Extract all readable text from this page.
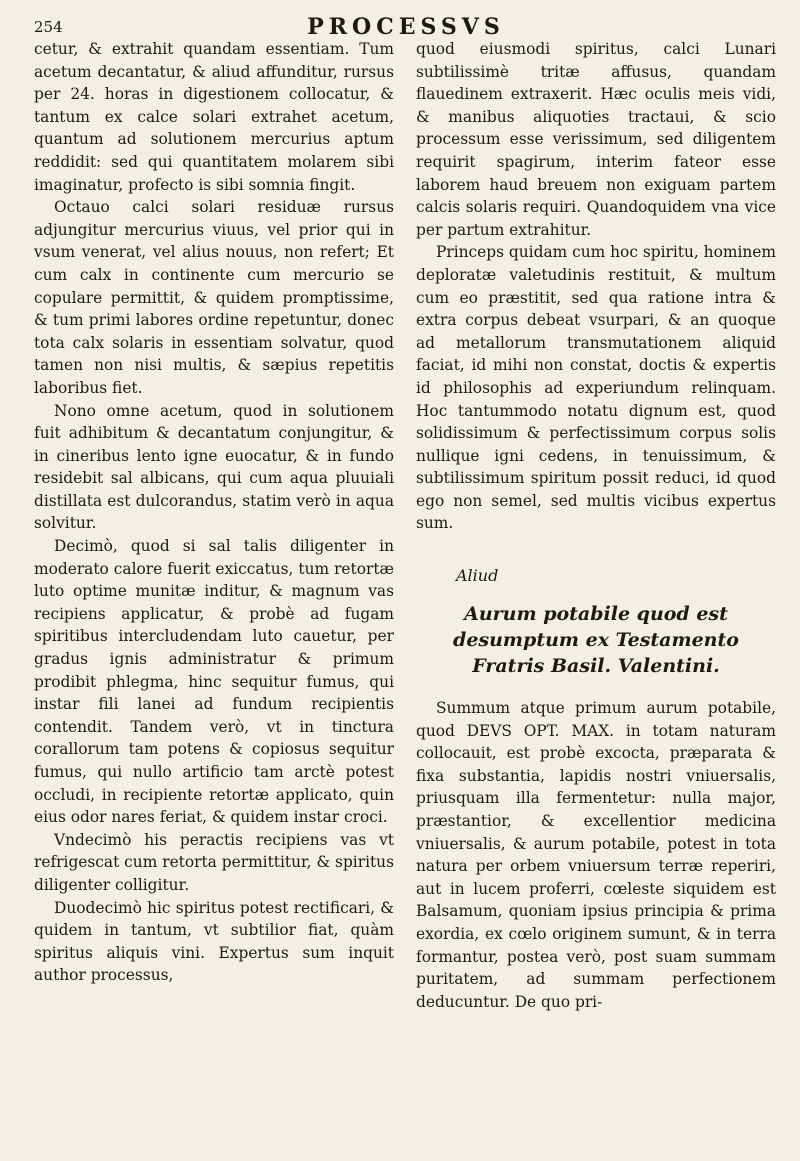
254	PROCESSVS

cetur, & extrahit quandam essentiam. Tum acetum decantatur, & aliud affunditur, rursus per 24. horas in digestionem collocatur, & tantum ex calce solari extrahet acetum, quantum ad solutionem mercurius aptum reddidit: sed qui quantitatem molarem sibi imaginatur, profecto is sibi somnia fingit.

Octauo calci solari residuæ rursus adjungitur mercurius viuus, vel prior qui in vsum venerat, vel alius nouus, non refert; Et cum calx in continente cum mercurio se copulare permittit, & quidem promptissime, & tum primi labores ordine repetuntur, donec tota calx solaris in essentiam solvatur, quod tamen non nisi multis, & sæpius repetitis laboribus fiet.

Nono omne acetum, quod in solutionem fuit adhibitum & decantatum conjungitur, & in cineribus lento igne euocatur, & in fundo residebit sal albicans, qui cum aqua pluuiali distillata est dulcorandus, statim verò in aqua solvitur.

Decimò, quod si sal talis diligenter in moderato calore fuerit exiccatus, tum retortæ luto optime munitæ inditur, & magnum vas recipiens applicatur, & probè ad fugam spiritibus intercludendam luto cauetur, per gradus ignis administratur & primum prodibit phlegma, hinc sequitur fumus, qui instar fili lanei ad fundum recipientis contendit. Tandem verò, vt in tinctura corallorum tam potens & copiosus sequitur fumus, qui nullo artificio tam arctè potest occludi, in recipiente retortæ applicato, quin eius odor nares feriat, & quidem instar croci.

Vndecimò his peractis recipiens vas vt refrigescat cum retorta permittitur, & spiritus diligenter colligitur.

Duodecimò hic spiritus potest rectificari, & quidem in tantum, vt subtilior fiat, quàm spiritus aliquis vini. Expertus sum inquit author processus,

quod eiusmodi spiritus, calci Lunari subtilissimè tritæ affusus, quandam flauedinem extraxerit. Hæc oculis meis vidi, & manibus aliquoties tractaui, & scio processum esse verissimum, sed diligentem requirit spagirum, interim fateor esse laborem haud breuem non exiguam partem calcis solaris requiri. Quandoquidem vna vice per partum extrahitur.

Princeps quidam cum hoc spiritu, hominem deploratæ valetudinis restituit, & multum cum eo præstitit, sed qua ratione intra & extra corpus debeat vsurpari, & an quoque ad metallorum transmutationem aliquid faciat, id mihi non constat, doctis & expertis id philosophis ad experiundum relinquam. Hoc tantummodo notatu dignum est, quod solidissimum & perfectissimum corpus solis nullique igni cedens, in tenuissimum, & subtilissimum spiritum possit reduci, id quod ego non semel, sed multis vicibus expertus sum.

Aliud
Aurum potabile quod est desumptum ex Testamento Fratris Basil. Valentini.

Summum atque primum aurum potabile, quod DEVS OPT. MAX. in totam naturam collocauit, est probè excocta, præparata & fixa substantia, lapidis nostri vniuersalis, priusquam illa fermentetur: nulla major, præstantior, & excellentior medicina vniuersalis, & aurum potabile, potest in tota natura per orbem vniuersum terræ reperiri, aut in lucem proferri, cœleste siquidem est Balsamum, quoniam ipsius principia & prima exordia, ex cœlo originem sumunt, & in terra formantur, postea verò, post suam summam puritatem, ad summam perfectionem deducuntur. De quo pri-
